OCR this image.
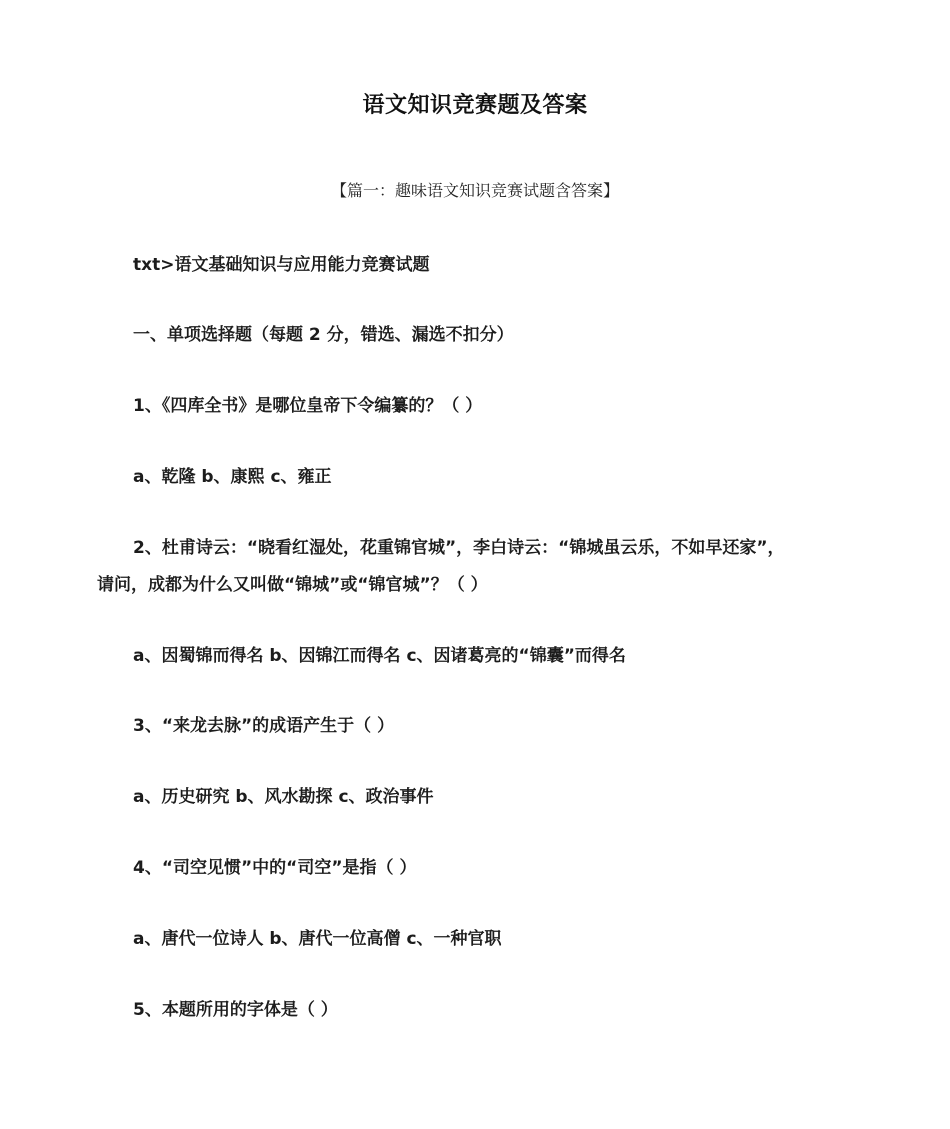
语文知识竞赛题及答案
【篇一：趣味语文知识竞赛试题含答案】
txt>语文基础知识与应用能力竞赛试题
一、单项选择题（每题 2 分，错选、漏选不扣分）
1、《四库全书》是哪位皇帝下令编纂的？（ ）
a、乾隆 b、康熙 c、雍正
2、杜甫诗云：“晓看红湿处，花重锦官城”，李白诗云：“锦城虽云乐，不如早还家”，
请问，成都为什么又叫做“锦城”或“锦官城”？（ ）
a、因蜀锦而得名 b、因锦江而得名 c、因诸葛亮的“锦囊”而得名
3、“来龙去脉”的成语产生于（ ）
a、历史研究 b、风水勘探 c、政治事件
4、“司空见惯”中的“司空”是指（ ）
a、唐代一位诗人 b、唐代一位高僧 c、一种官职
5、本题所用的字体是（ ）
